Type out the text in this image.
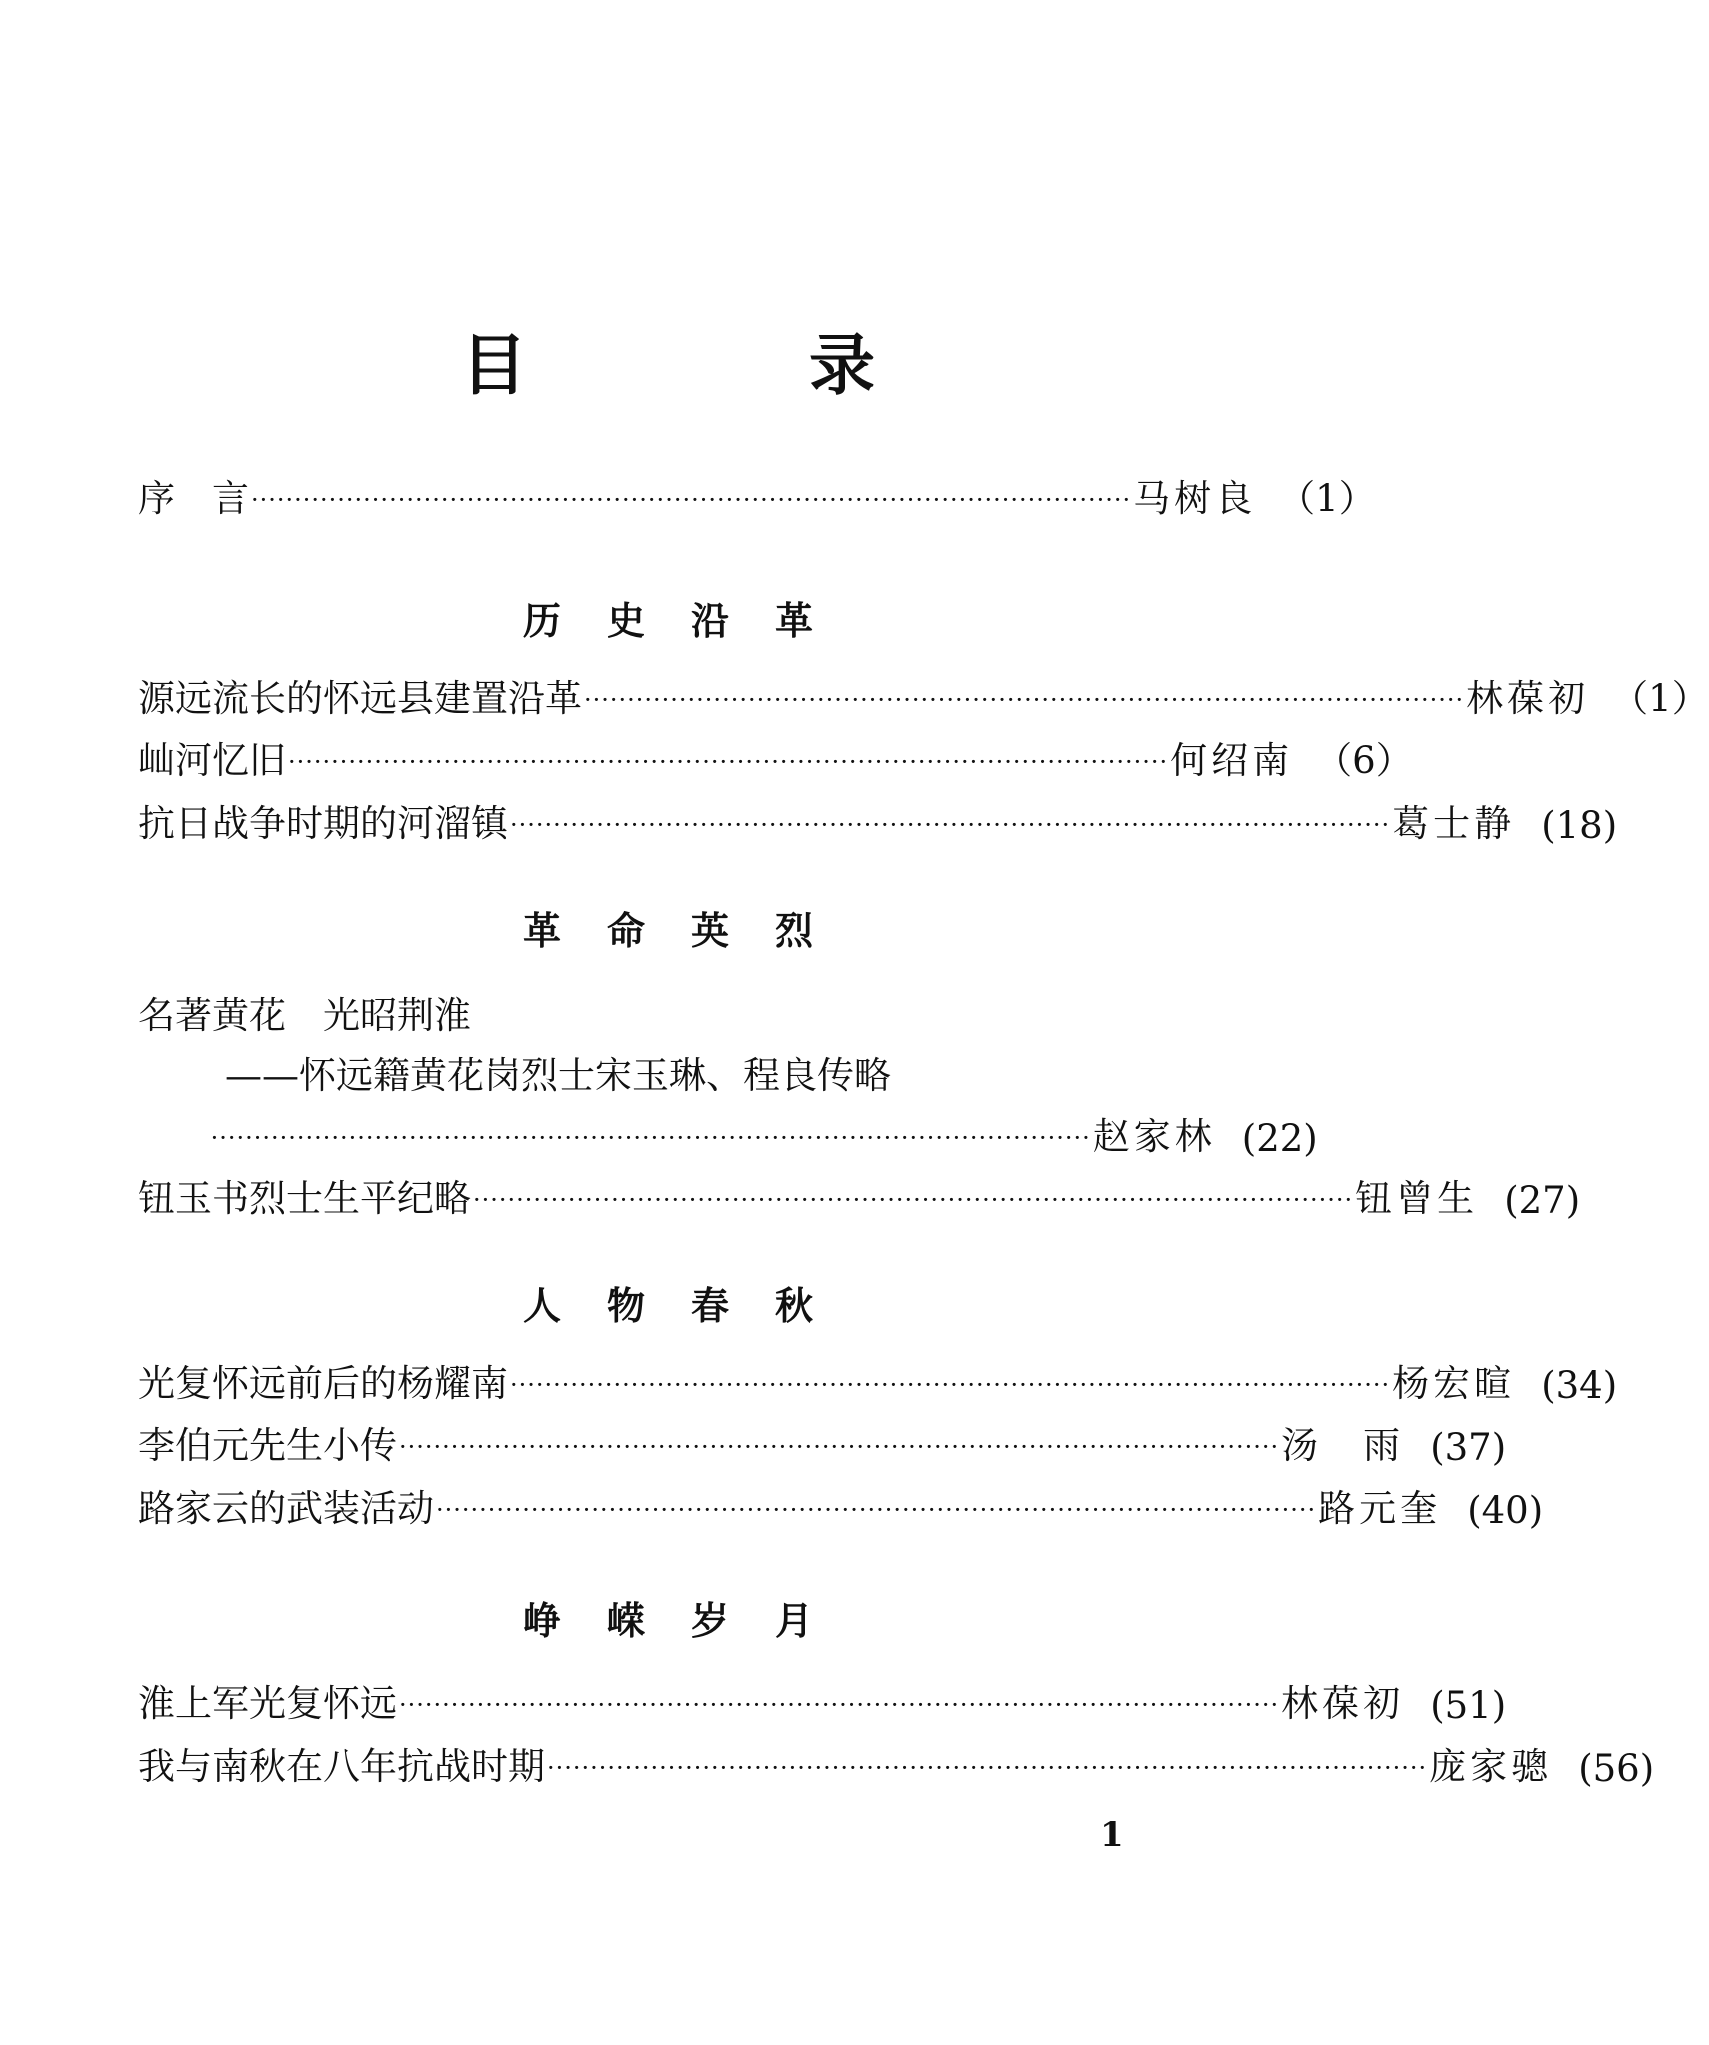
目　录
序　言 ······································································································ 马树良 （1）
历史沿革
源远流长的怀远县建置沿革 ······································································································ 林葆初 （1）
屾河忆旧 ······································································································ 何绍南 （6）
抗日战争时期的河溜镇 ······································································································ 葛士静 (18)
革命英烈
名著黄花　光昭荆淮
——怀远籍黄花岗烈士宋玉琳、程良传略

······································································································ 赵家林 (22)
钮玉书烈士生平纪略 ······································································································ 钮曾生 (27)
人物春秋
光复怀远前后的杨耀南 ······································································································ 杨宏暄 (34)
李伯元先生小传 ······································································································ 汤　雨 (37)
路家云的武装活动 ······································································································ 路元奎 (40)
峥嵘岁月
淮上军光复怀远 ······································································································ 林葆初 (51)
我与南秋在八年抗战时期 ······································································································ 庞家骢 (56)
1
